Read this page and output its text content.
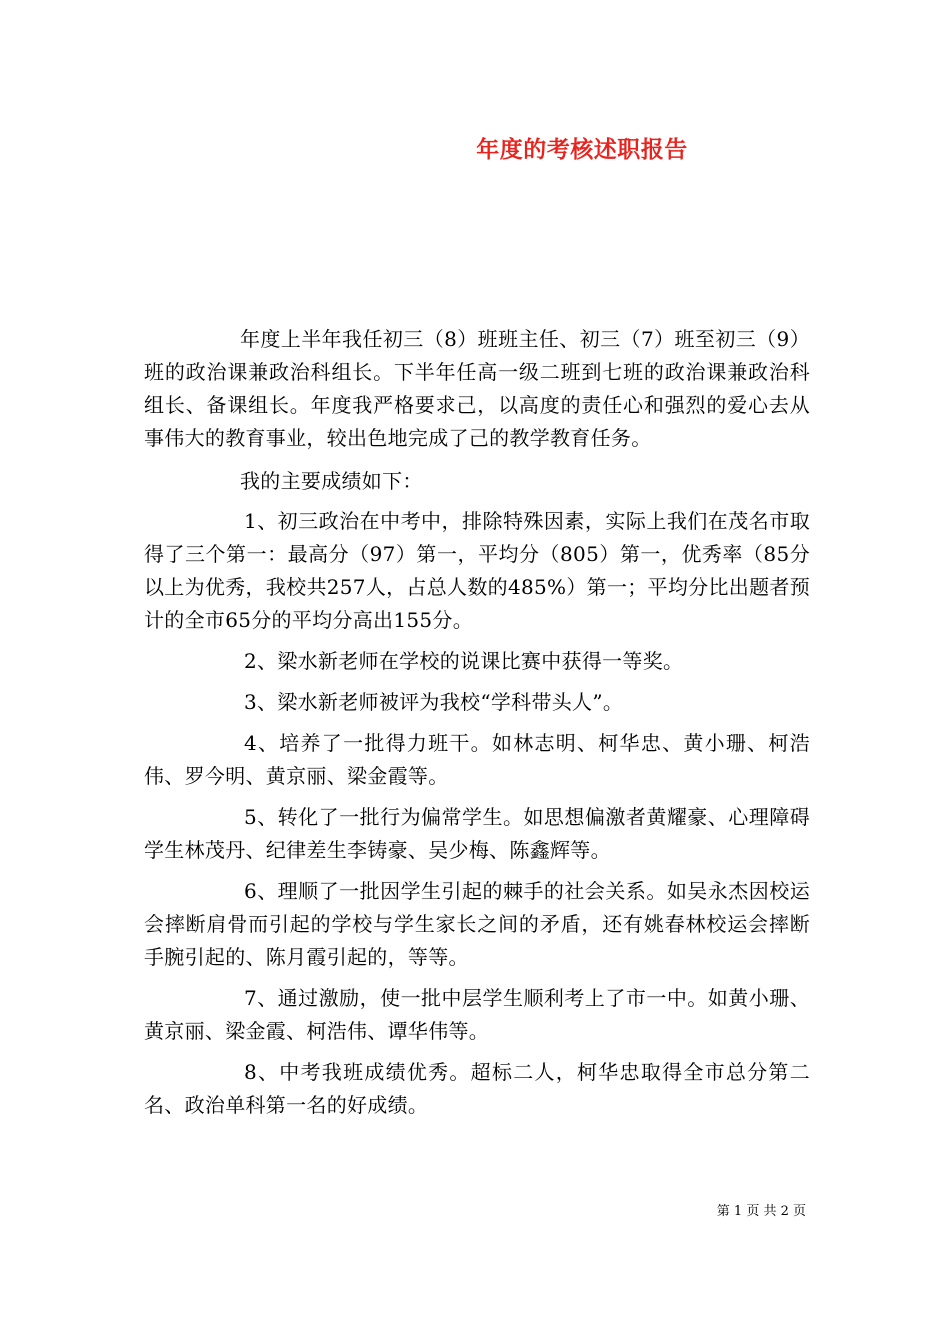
年度的考核述职报告

年度上半年我任初三（8）班班主任、初三（7）班至初三（9）班的政治课兼政治科组长。下半年任高一级二班到七班的政治课兼政治科组长、备课组长。年度我严格要求己，以高度的责任心和强烈的爱心去从事伟大的教育事业，较出色地完成了己的教学教育任务。

我的主要成绩如下：

1、初三政治在中考中，排除特殊因素，实际上我们在茂名市取得了三个第一：最高分（97）第一，平均分（805）第一，优秀率（85分以上为优秀，我校共257人，占总人数的485%）第一；平均分比出题者预计的全市65分的平均分高出155分。

2、梁水新老师在学校的说课比赛中获得一等奖。

3、梁水新老师被评为我校“学科带头人”。

4、培养了一批得力班干。如林志明、柯华忠、黄小珊、柯浩伟、罗今明、黄京丽、梁金霞等。

5、转化了一批行为偏常学生。如思想偏激者黄耀豪、心理障碍学生林茂丹、纪律差生李铸豪、吴少梅、陈鑫辉等。

6、理顺了一批因学生引起的棘手的社会关系。如吴永杰因校运会摔断肩骨而引起的学校与学生家长之间的矛盾，还有姚春林校运会摔断手腕引起的、陈月霞引起的，等等。

7、通过激励，使一批中层学生顺利考上了市一中。如黄小珊、黄京丽、梁金霞、柯浩伟、谭华伟等。

8、中考我班成绩优秀。超标二人，柯华忠取得全市总分第二名、政治单科第一名的好成绩。

第 1 页 共 2 页
